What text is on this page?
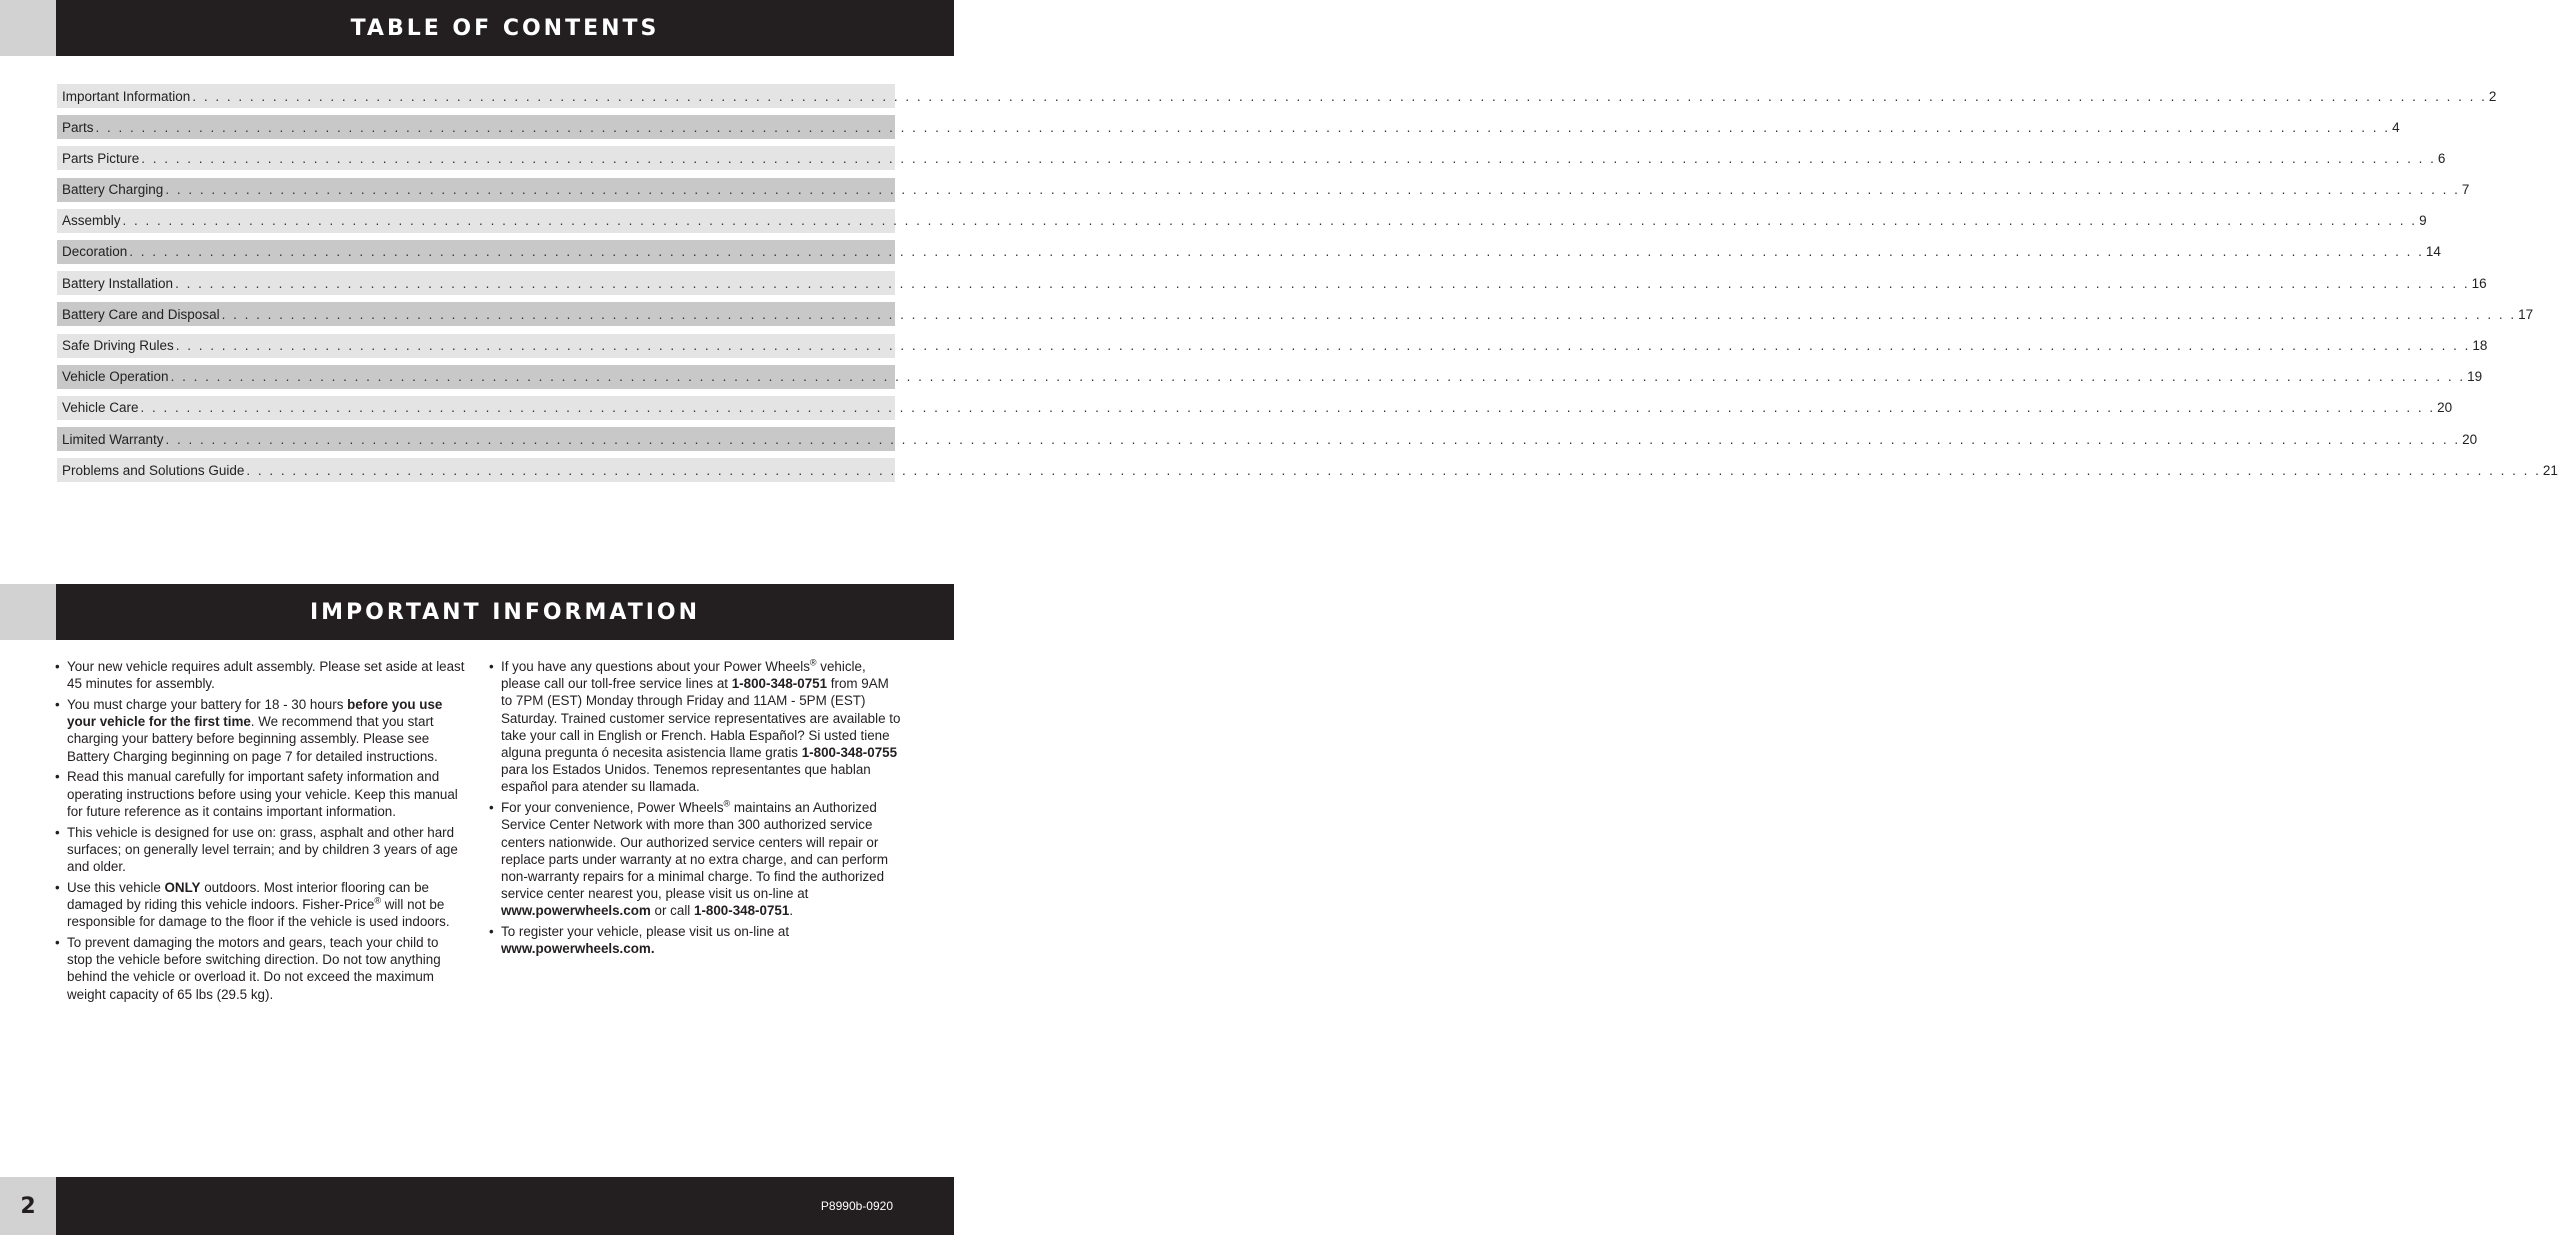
TABLE OF CONTENTS
Important Information . . . . . . . . . . . . . . . . . . . . . . . . . . . . . . . . . . . . . . . . . . . . . . . . . . . . . . . . . . . . . . . . . . . . . . . . . . . . . . . . . . . . . . . . . . . . . . . . . . . . . . . . . . . . . . . . . . . . . . . . . . . . . . . . . . . . . . . . . . . . . . . . . . . . . . . . . . . . . . . . . . . . . . . . . . . . . . . . . . . . . . . . . . . . . . . . . . . . . . . . 2
Parts . . . . . . . . . . . . . . . . . . . . . . . . . . . . . . . . . . . . . . . . . . . . . . . . . . . . . . . . . . . . . . . . . . . . . . . . . . . . . . . . . . . . . . . . . . . . . . . . . . . . . . . . . . . . . . . . . . . . . . . . . . . . . . . . . . . . . . . . . . . . . . . . . . . . . . . . . . . . . . . . . . . . . . . . . . . . . . . . . . . . . . . . . . . . . . . . . . . . . . . . 4
Parts Picture . . . . . . . . . . . . . . . . . . . . . . . . . . . . . . . . . . . . . . . . . . . . . . . . . . . . . . . . . . . . . . . . . . . . . . . . . . . . . . . . . . . . . . . . . . . . . . . . . . . . . . . . . . . . . . . . . . . . . . . . . . . . . . . . . . . . . . . . . . . . . . . . . . . . . . . . . . . . . . . . . . . . . . . . . . . . . . . . . . . . . . . . . . . . . . . . . . . . . . . . 6
Battery Charging . . . . . . . . . . . . . . . . . . . . . . . . . . . . . . . . . . . . . . . . . . . . . . . . . . . . . . . . . . . . . . . . . . . . . . . . . . . . . . . . . . . . . . . . . . . . . . . . . . . . . . . . . . . . . . . . . . . . . . . . . . . . . . . . . . . . . . . . . . . . . . . . . . . . . . . . . . . . . . . . . . . . . . . . . . . . . . . . . . . . . . . . . . . . . . . . . . . . . . . . 7
Assembly . . . . . . . . . . . . . . . . . . . . . . . . . . . . . . . . . . . . . . . . . . . . . . . . . . . . . . . . . . . . . . . . . . . . . . . . . . . . . . . . . . . . . . . . . . . . . . . . . . . . . . . . . . . . . . . . . . . . . . . . . . . . . . . . . . . . . . . . . . . . . . . . . . . . . . . . . . . . . . . . . . . . . . . . . . . . . . . . . . . . . . . . . . . . . . . . . . . . . . . . 9
Decoration . . . . . . . . . . . . . . . . . . . . . . . . . . . . . . . . . . . . . . . . . . . . . . . . . . . . . . . . . . . . . . . . . . . . . . . . . . . . . . . . . . . . . . . . . . . . . . . . . . . . . . . . . . . . . . . . . . . . . . . . . . . . . . . . . . . . . . . . . . . . . . . . . . . . . . . . . . . . . . . . . . . . . . . . . . . . . . . . . . . . . . . . . . . . . . . . . . . . . . . . 14
Battery Installation . . . . . . . . . . . . . . . . . . . . . . . . . . . . . . . . . . . . . . . . . . . . . . . . . . . . . . . . . . . . . . . . . . . . . . . . . . . . . . . . . . . . . . . . . . . . . . . . . . . . . . . . . . . . . . . . . . . . . . . . . . . . . . . . . . . . . . . . . . . . . . . . . . . . . . . . . . . . . . . . . . . . . . . . . . . . . . . . . . . . . . . . . . . . . . . . . . . . . . . . 16
Battery Care and Disposal . . . . . . . . . . . . . . . . . . . . . . . . . . . . . . . . . . . . . . . . . . . . . . . . . . . . . . . . . . . . . . . . . . . . . . . . . . . . . . . . . . . . . . . . . . . . . . . . . . . . . . . . . . . . . . . . . . . . . . . . . . . . . . . . . . . . . . . . . . . . . . . . . . . . . . . . . . . . . . . . . . . . . . . . . . . . . . . . . . . . . . . . . . . . . . . . . . . . . . . . 17
Safe Driving Rules . . . . . . . . . . . . . . . . . . . . . . . . . . . . . . . . . . . . . . . . . . . . . . . . . . . . . . . . . . . . . . . . . . . . . . . . . . . . . . . . . . . . . . . . . . . . . . . . . . . . . . . . . . . . . . . . . . . . . . . . . . . . . . . . . . . . . . . . . . . . . . . . . . . . . . . . . . . . . . . . . . . . . . . . . . . . . . . . . . . . . . . . . . . . . . . . . . . . . . . . 18
Vehicle Operation . . . . . . . . . . . . . . . . . . . . . . . . . . . . . . . . . . . . . . . . . . . . . . . . . . . . . . . . . . . . . . . . . . . . . . . . . . . . . . . . . . . . . . . . . . . . . . . . . . . . . . . . . . . . . . . . . . . . . . . . . . . . . . . . . . . . . . . . . . . . . . . . . . . . . . . . . . . . . . . . . . . . . . . . . . . . . . . . . . . . . . . . . . . . . . . . . . . . . . . . 19
Vehicle Care . . . . . . . . . . . . . . . . . . . . . . . . . . . . . . . . . . . . . . . . . . . . . . . . . . . . . . . . . . . . . . . . . . . . . . . . . . . . . . . . . . . . . . . . . . . . . . . . . . . . . . . . . . . . . . . . . . . . . . . . . . . . . . . . . . . . . . . . . . . . . . . . . . . . . . . . . . . . . . . . . . . . . . . . . . . . . . . . . . . . . . . . . . . . . . . . . . . . . . . . 20
Limited Warranty . . . . . . . . . . . . . . . . . . . . . . . . . . . . . . . . . . . . . . . . . . . . . . . . . . . . . . . . . . . . . . . . . . . . . . . . . . . . . . . . . . . . . . . . . . . . . . . . . . . . . . . . . . . . . . . . . . . . . . . . . . . . . . . . . . . . . . . . . . . . . . . . . . . . . . . . . . . . . . . . . . . . . . . . . . . . . . . . . . . . . . . . . . . . . . . . . . . . . . . . 20
Problems and Solutions Guide . . . . . . . . . . . . . . . . . . . . . . . . . . . . . . . . . . . . . . . . . . . . . . . . . . . . . . . . . . . . . . . . . . . . . . . . . . . . . . . . . . . . . . . . . . . . . . . . . . . . . . . . . . . . . . . . . . . . . . . . . . . . . . . . . . . . . . . . . . . . . . . . . . . . . . . . . . . . . . . . . . . . . . . . . . . . . . . . . . . . . . . . . . . . . . . . . . . . . . . . 21
IMPORTANT INFORMATION
• Your new vehicle requires adult assembly. Please set aside at least 45 minutes for assembly.
• You must charge your battery for 18 - 30 hours before you use your vehicle for the first time. We recommend that you start charging your battery before beginning assembly. Please see Battery Charging beginning on page 7 for detailed instructions.
• Read this manual carefully for important safety information and operating instructions before using your vehicle. Keep this manual for future reference as it contains important information.
• This vehicle is designed for use on: grass, asphalt and other hard surfaces; on generally level terrain; and by children 3 years of age and older.
• Use this vehicle ONLY outdoors. Most interior flooring can be damaged by riding this vehicle indoors. Fisher-Price® will not be responsible for damage to the floor if the vehicle is used indoors.
• To prevent damaging the motors and gears, teach your child to stop the vehicle before switching direction. Do not tow anything behind the vehicle or overload it. Do not exceed the maximum weight capacity of 65 lbs (29.5 kg).
• If you have any questions about your Power Wheels® vehicle, please call our toll-free service lines at 1-800-348-0751 from 9AM to 7PM (EST) Monday through Friday and 11AM - 5PM (EST) Saturday. Trained customer service representatives are available to take your call in English or French. Habla Español? Si usted tiene alguna pregunta ó necesita asistencia llame gratis 1-800-348-0755 para los Estados Unidos. Tenemos representantes que hablan español para atender su llamada.
• For your convenience, Power Wheels® maintains an Authorized Service Center Network with more than 300 authorized service centers nationwide. Our authorized service centers will repair or replace parts under warranty at no extra charge, and can perform non-warranty repairs for a minimal charge. To find the authorized service center nearest you, please visit us on-line at www.powerwheels.com or call 1-800-348-0751.
• To register your vehicle, please visit us on-line at www.powerwheels.com.
2	P8990b-0920
